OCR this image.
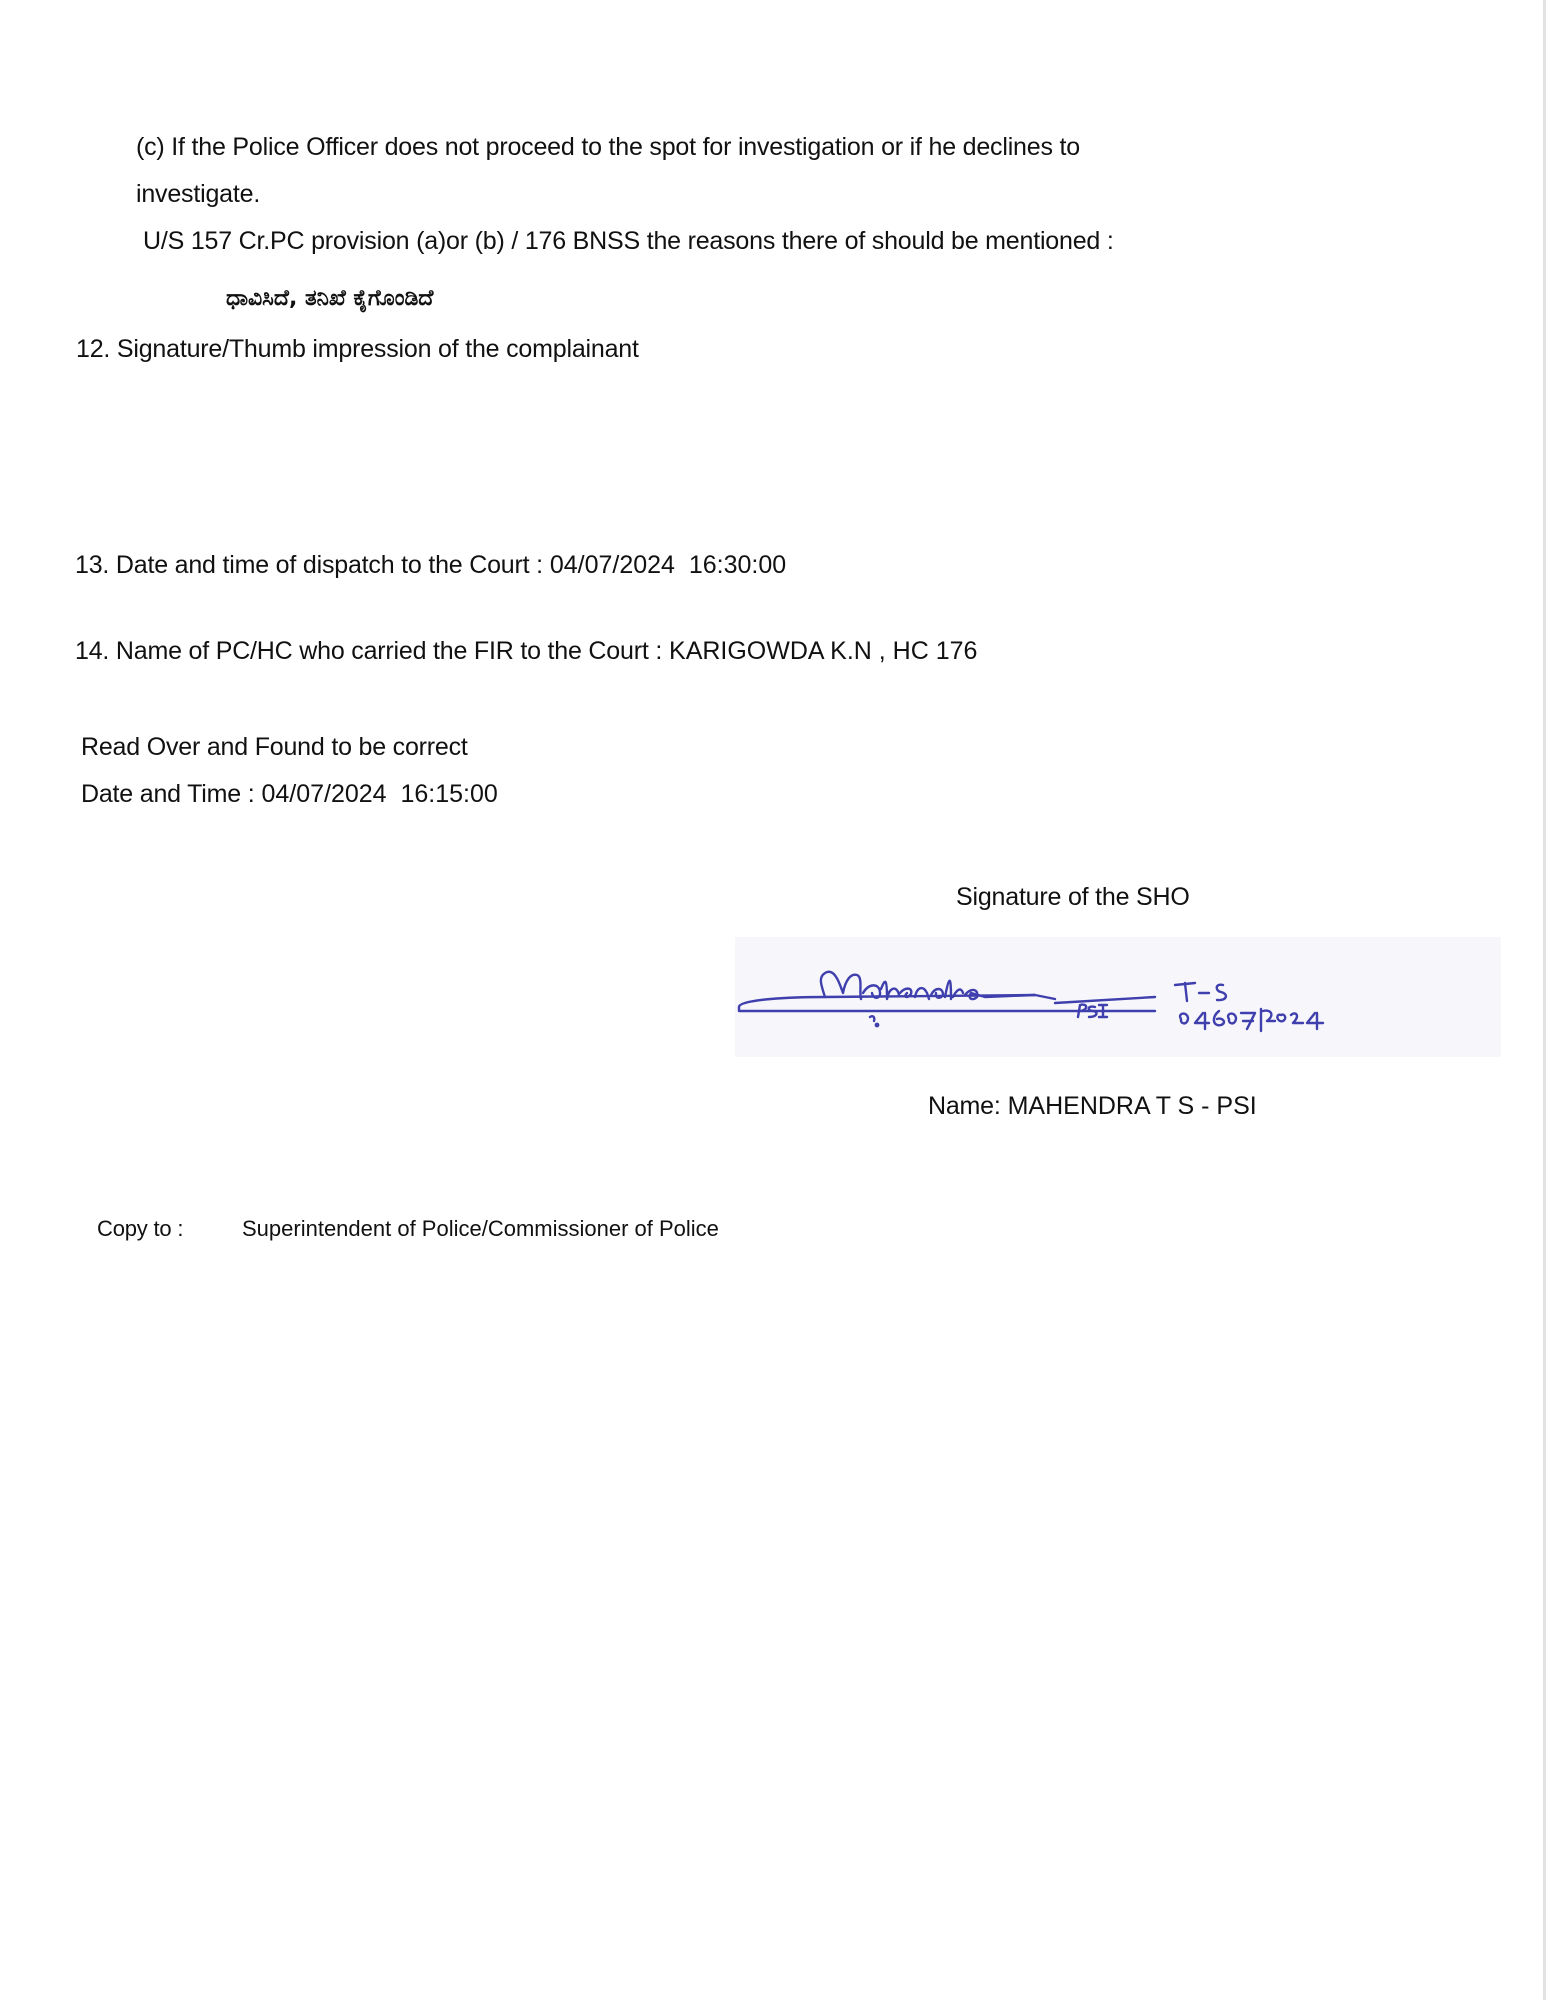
(c) If the Police Officer does not proceed to the spot for investigation or if he declines to
investigate.
U/S 157 Cr.PC provision (a)or (b) / 176 BNSS the reasons there of should be mentioned :
ಧಾವಿಸಿದೆ, ತನಿಖೆ ಕೈಗೊಂಡಿದೆ
12. Signature/Thumb impression of the complainant
13. Date and time of dispatch to the Court : 04/07/2024  16:30:00
14. Name of PC/HC who carried the FIR to the Court : KARIGOWDA K.N , HC 176
Read Over and Found to be correct
Date and Time : 04/07/2024  16:15:00
Signature of the SHO
Name: MAHENDRA T S - PSI
Copy to :	Superintendent of Police/Commissioner of Police
